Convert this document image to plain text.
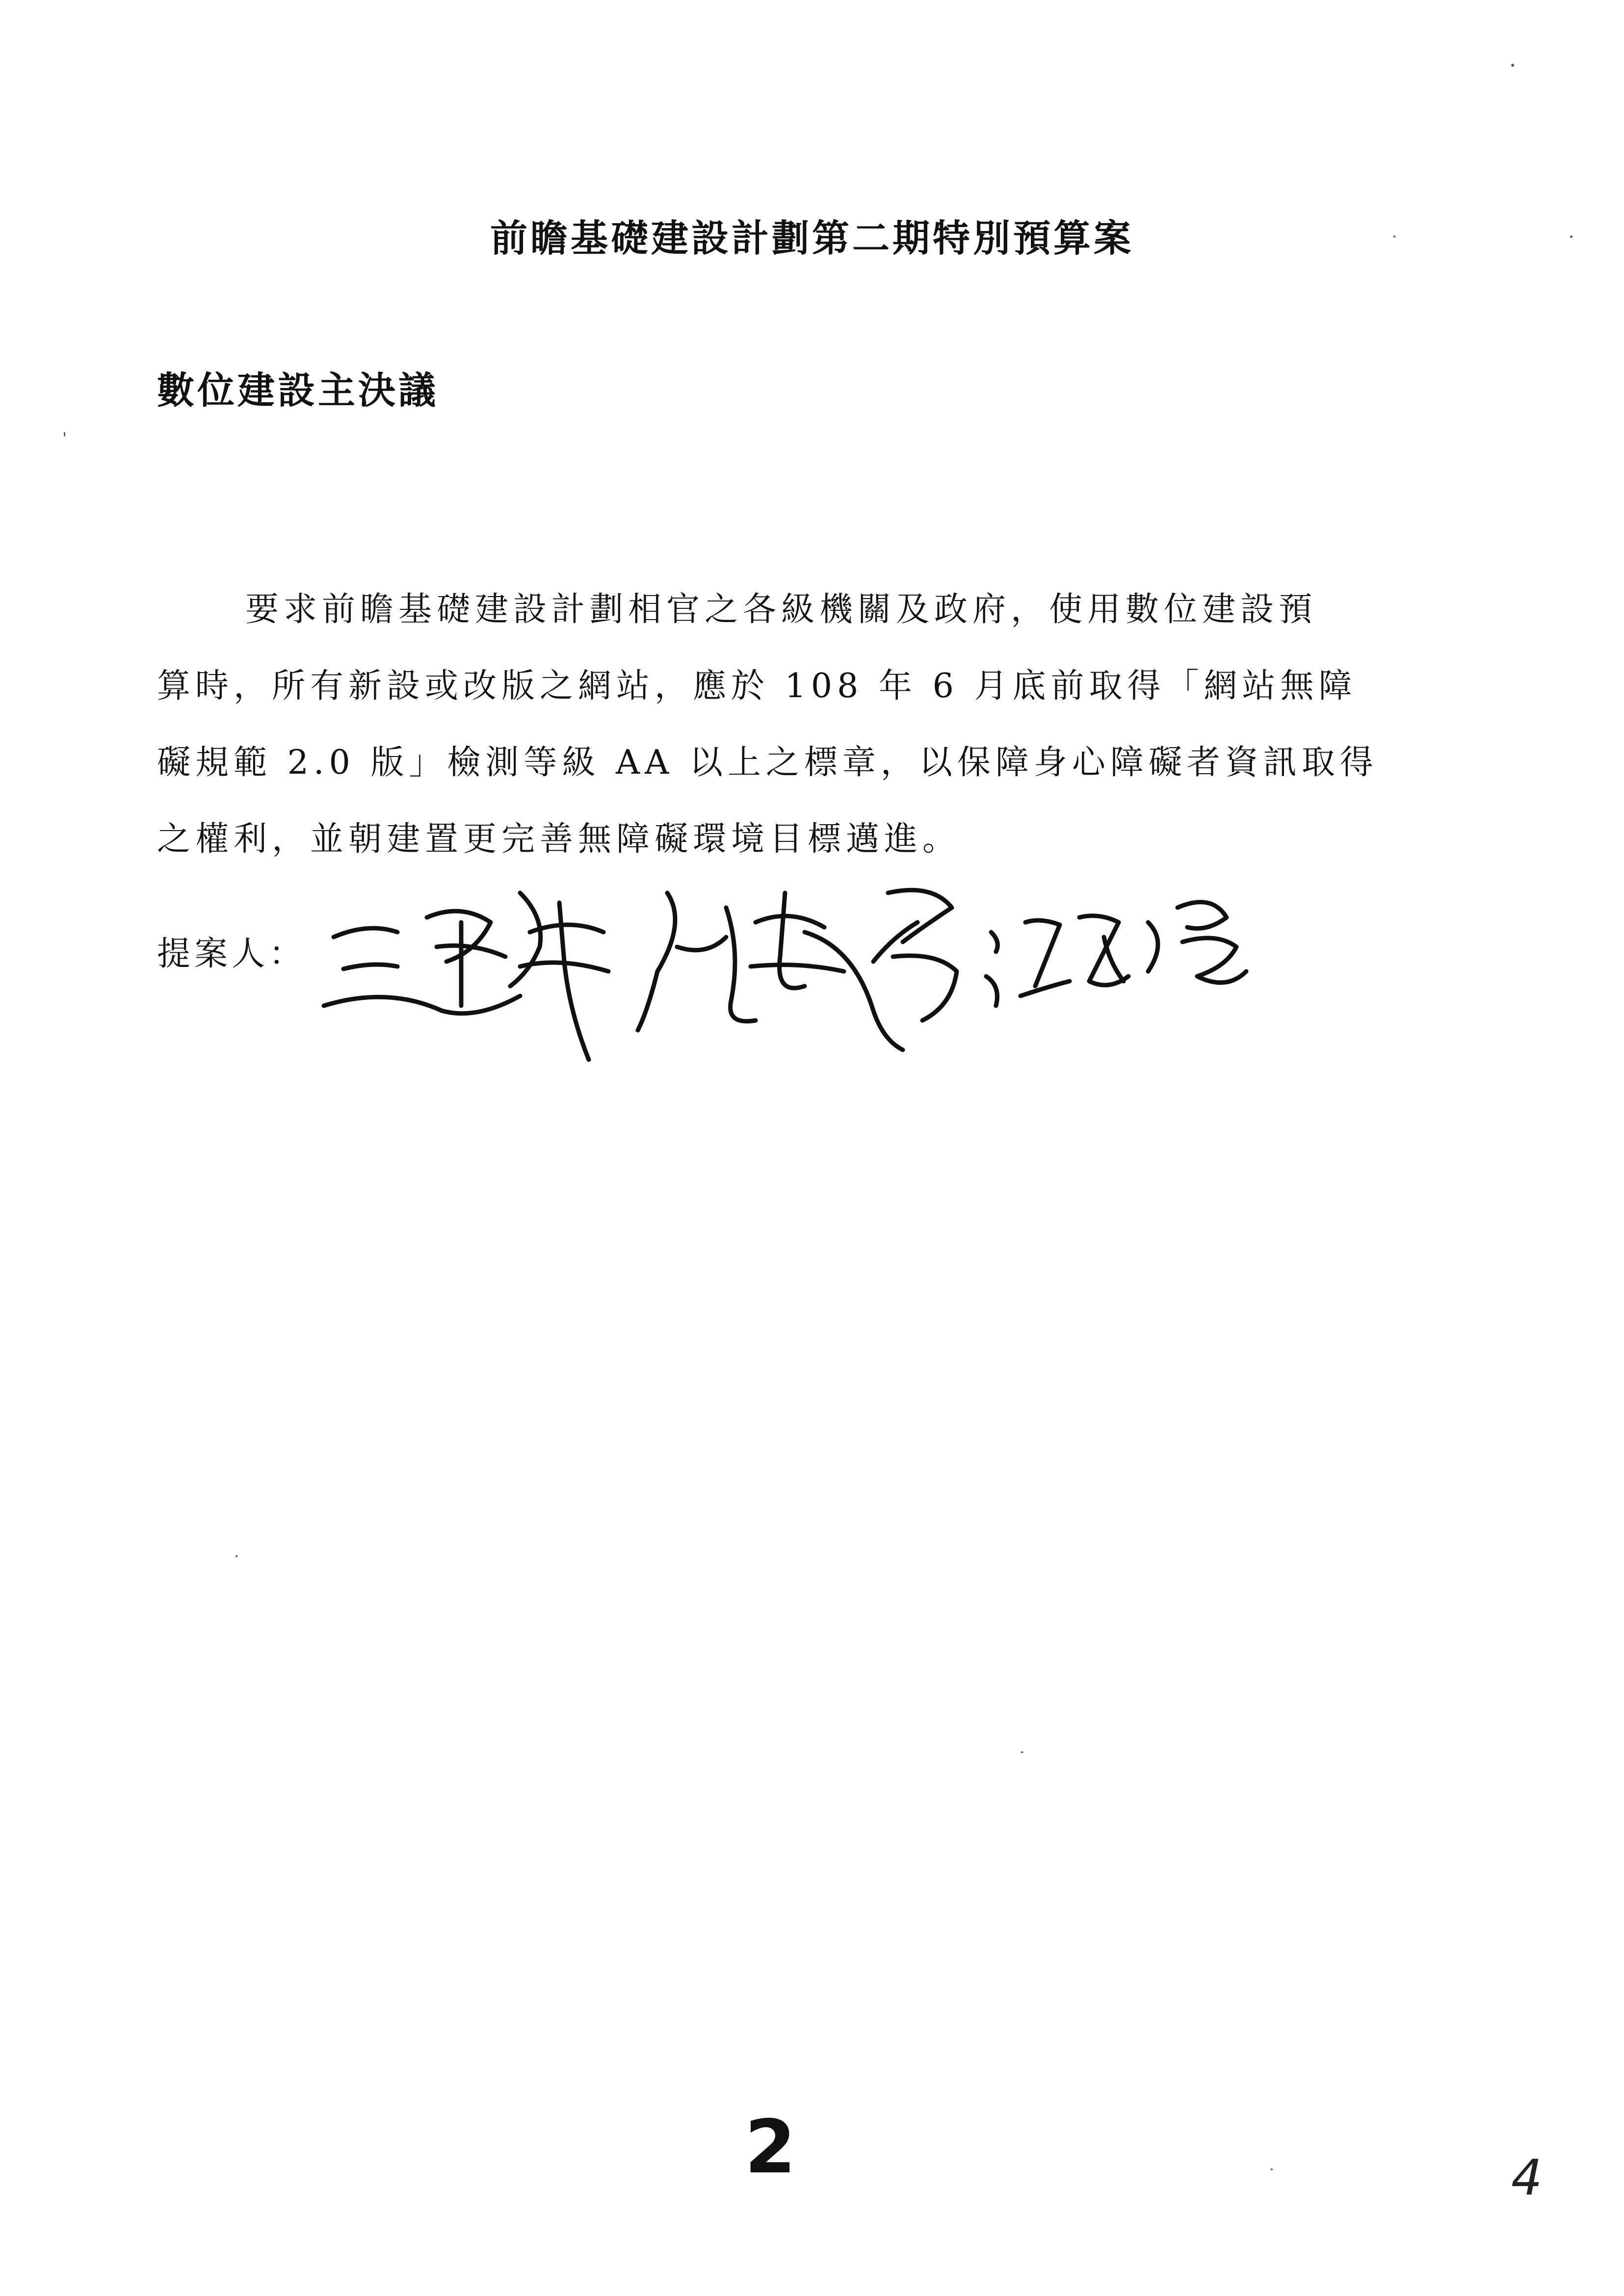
前瞻基礎建設計劃第二期特別預算案
數位建設主決議
要求前瞻基礎建設計劃相官之各級機關及政府，使用數位建設預
算時，所有新設或改版之網站，應於 108 年 6 月底前取得「網站無障
礙規範 2.0 版」檢測等級 AA 以上之標章，以保障身心障礙者資訊取得
之權利，並朝建置更完善無障礙環境目標邁進。
提案人：
2	4
